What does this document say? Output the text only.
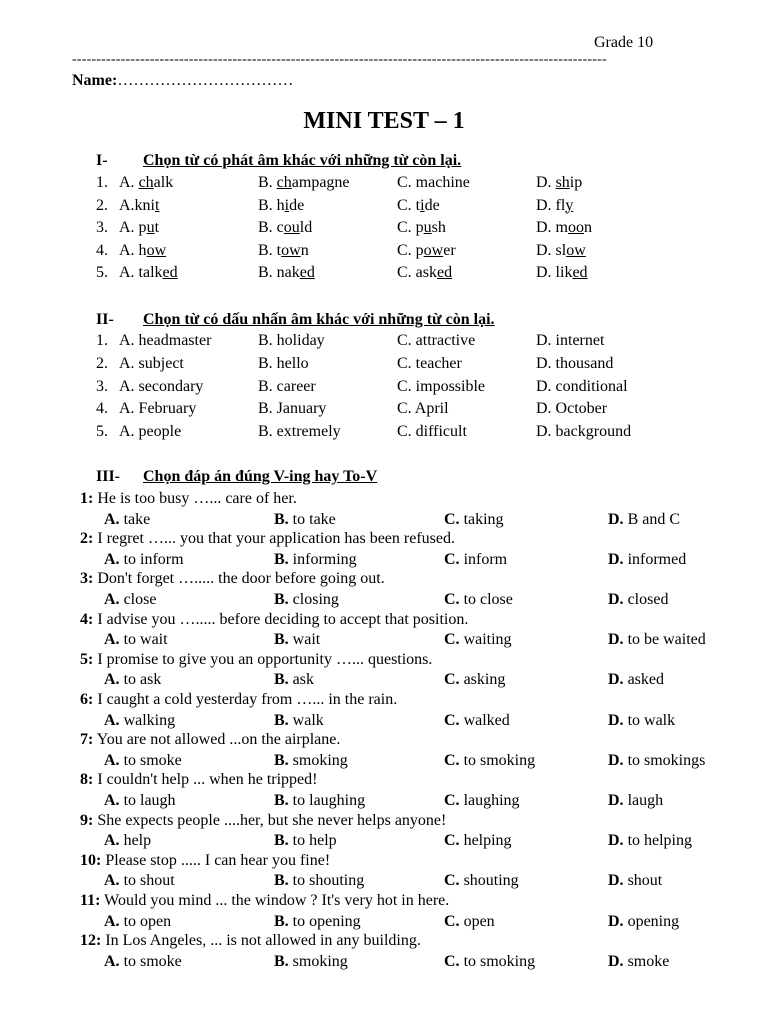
Grade 10
--------------------------------------------------------------------------------------------------------------
Name:……………………………
MINI TEST – 1
I- Chọn từ có phát âm khác với những từ còn lại.
1. A. chalk	B. champagne	C. machine	D. ship
2. A.knit	B. hide	C. tide	D. fly
3. A. put	B. could	C. push	D. moon
4. A. how	B. town	C. power	D. slow
5. A. talked	B. naked	C. asked	D. liked
II- Chọn từ có dấu nhấn âm khác với những từ còn lại.
1. A. headmaster	B. holiday	C. attractive	D. internet
2. A. subject	B. hello	C. teacher	D. thousand
3. A. secondary	B. career	C. impossible	D. conditional
4. A. February	B. January	C. April	D. October
5. A. people	B. extremely	C. difficult	D. background
III- Chọn đáp án đúng V-ing hay To-V
1: He is too busy …... care of her.
A. take	B. to take	C. taking	D. B and C
2: I regret …... you that your application has been refused.
A. to inform	B. informing	C. inform	D. informed
3: Don't forget …..... the door before going out.
A. close	B. closing	C. to close	D. closed
4: I advise you …..... before deciding to accept that position.
A. to wait	B. wait	C. waiting	D. to be waited
5: I promise to give you an opportunity …... questions.
A. to ask	B. ask	C. asking	D. asked
6: I caught a cold yesterday from …... in the rain.
A. walking	B. walk	C. walked	D. to walk
7: You are not allowed ...on the airplane.
A. to smoke	B. smoking	C. to smoking	D. to smokings
8: I couldn't help ... when he tripped!
A. to laugh	B. to laughing	C. laughing	D. laugh
9: She expects people ....her, but she never helps anyone!
A. help	B. to help	C. helping	D. to helping
10: Please stop ..... I can hear you fine!
A. to shout	B. to shouting	C. shouting	D. shout
11: Would you mind ... the window ? It's very hot in here.
A. to open	B. to opening	C. open	D. opening
12: In Los Angeles, ... is not allowed in any building.
A. to smoke	B. smoking	C. to smoking	D. smoke
